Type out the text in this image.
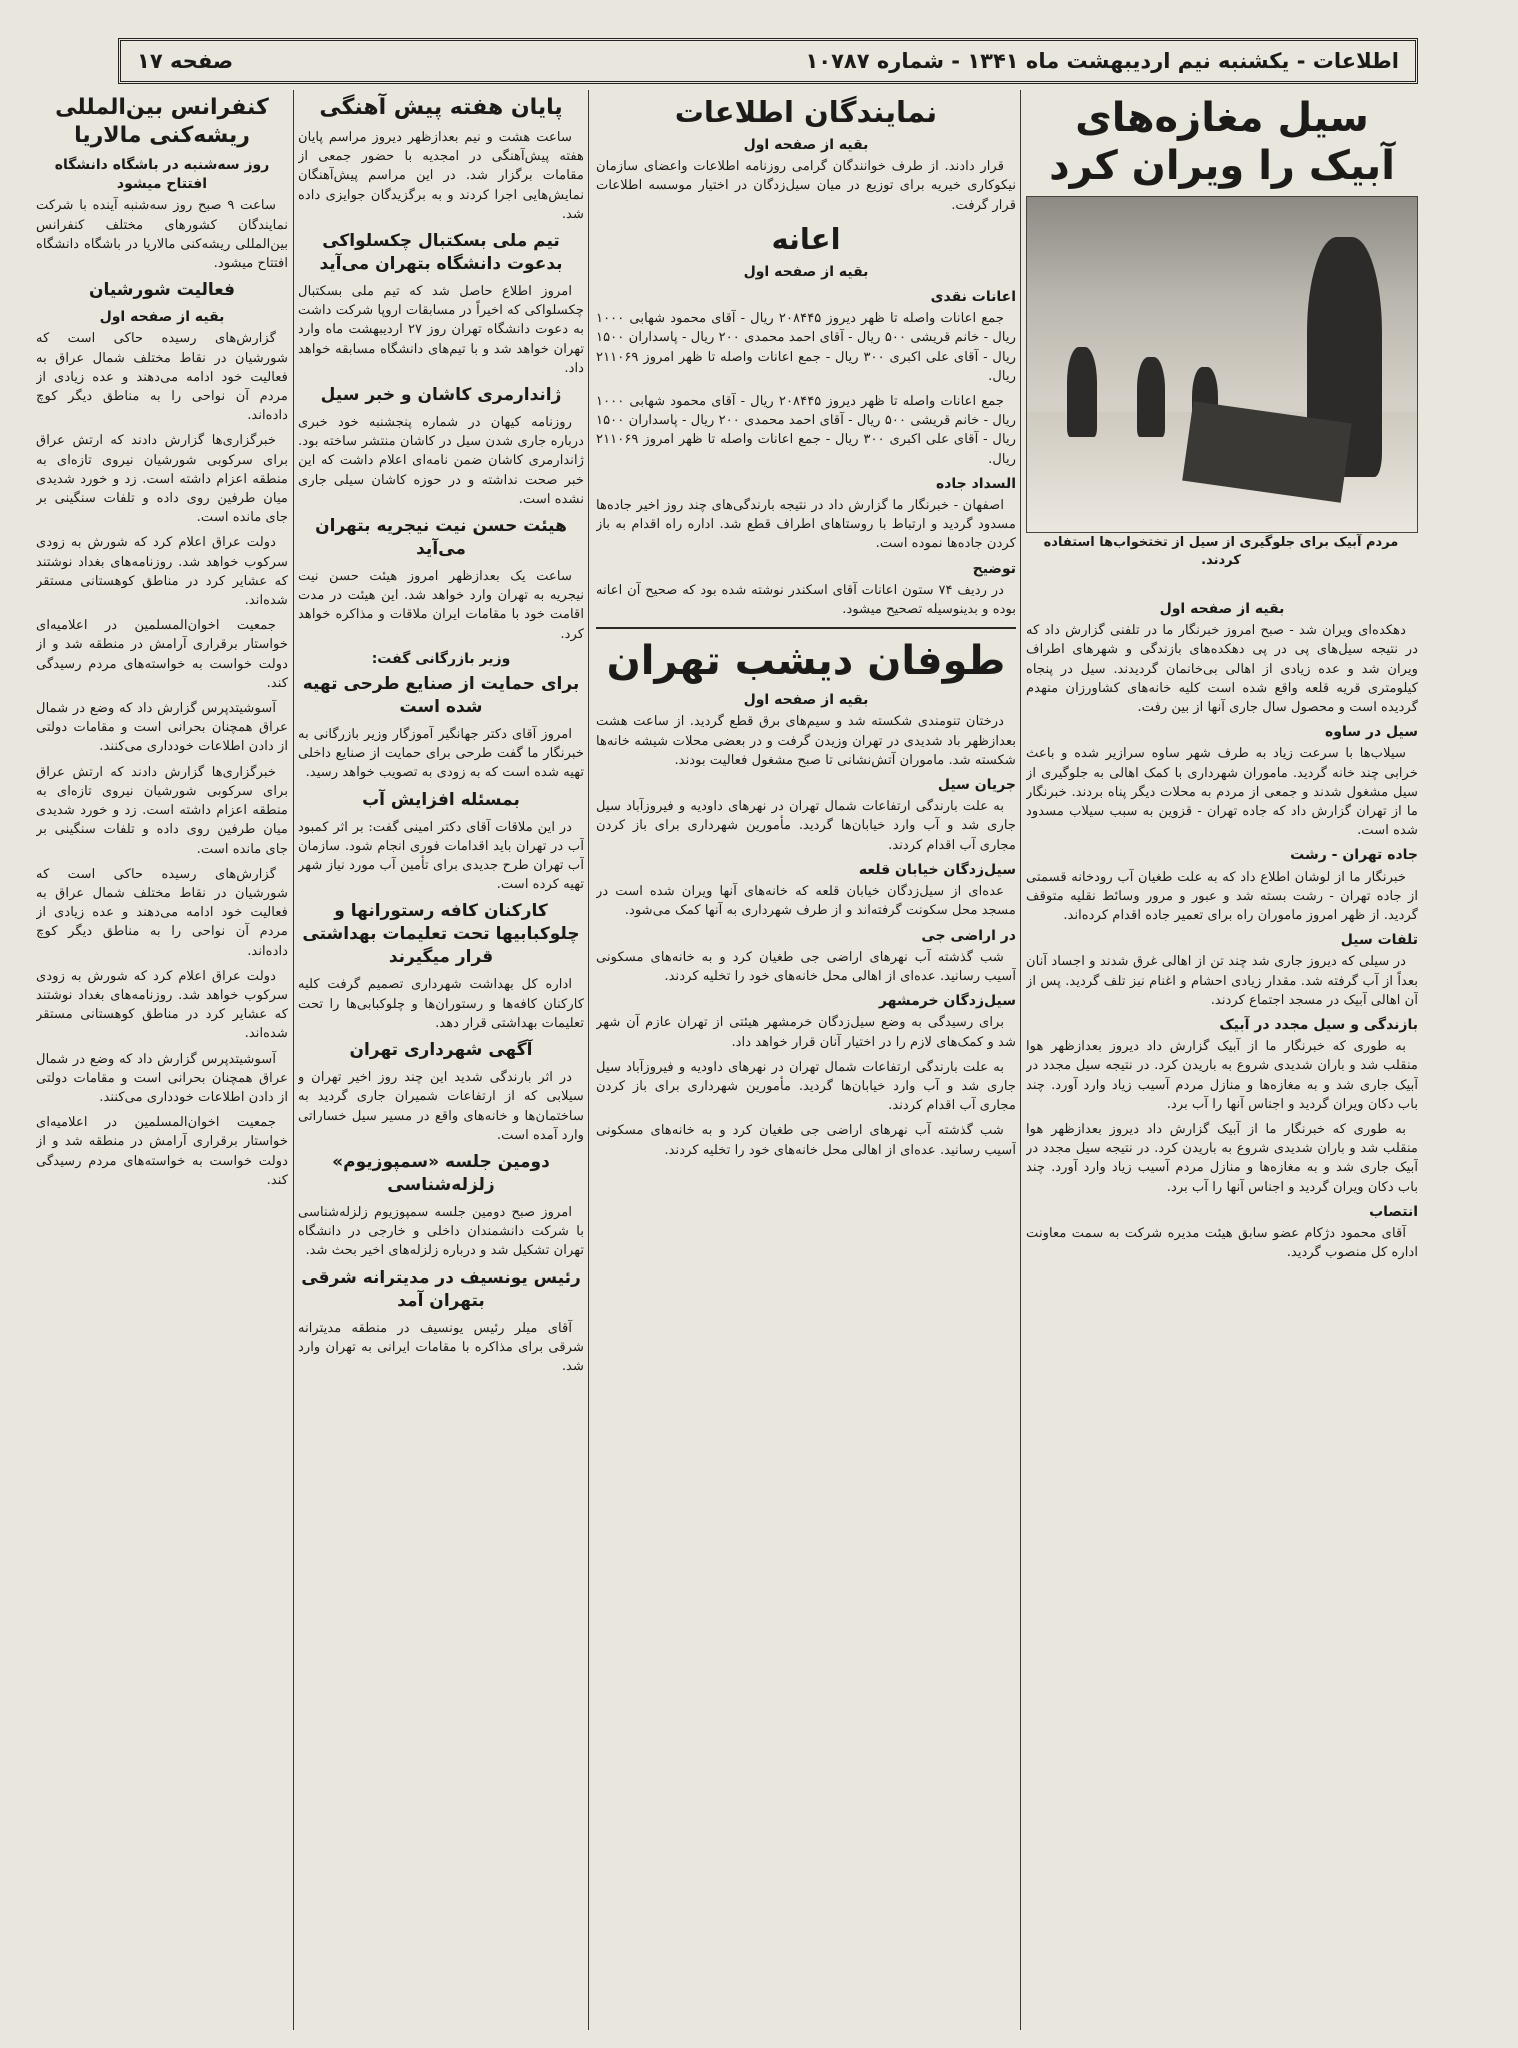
اطلاعات - یکشنبه نیم اردیبهشت ماه ۱۳۴۱ - شماره ۱۰۷۸۷
صفحه ۱۷
سیل مغازه‌های آبیک را ویران کرد
بقیه از صفحه اول

دهکده‌ای ویران شد - صبح امروز خبرنگار ما در تلفنی گزارش داد که در نتیجه سیل‌های پی در پی دهکده‌های بازندگی و شهرهای اطراف ویران شد و عده زیادی از اهالی بی‌خانمان گردیدند. سیل در پنجاه کیلومتری قریه قلعه واقع شده است کلیه خانه‌های کشاورزان منهدم گردیده است و محصول سال جاری آنها از بین رفت.

سیل در ساوه

سیلاب‌ها با سرعت زیاد به طرف شهر ساوه سرازیر شده و باعث خرابی چند خانه گردید. ماموران شهرداری با کمک اهالی به جلوگیری از سیل مشغول شدند و جمعی از مردم به محلات دیگر پناه بردند. خبرنگار ما از تهران گزارش داد که جاده تهران - قزوین به سبب سیلاب مسدود شده است.

جاده تهران - رشت

خبرنگار ما از لوشان اطلاع داد که به علت طغیان آب رودخانه قسمتی از جاده تهران - رشت بسته شد و عبور و مرور وسائط نقلیه متوقف گردید. از ظهر امروز ماموران راه برای تعمیر جاده اقدام کرده‌اند.

تلفات سیل

در سیلی که دیروز جاری شد چند تن از اهالی غرق شدند و اجساد آنان بعداً از آب گرفته شد. مقدار زیادی احشام و اغنام نیز تلف گردید. پس از آن اهالی آبیک در مسجد اجتماع کردند.

بازندگی و سیل مجدد در آبیک

به طوری که خبرنگار ما از آبیک گزارش داد دیروز بعدازظهر هوا منقلب شد و باران شدیدی شروع به باریدن کرد. در نتیجه سیل مجدد در آبیک جاری شد و به مغازه‌ها و منازل مردم آسیب زیاد وارد آورد. چند باب دکان ویران گردید و اجناس آنها را آب برد.

به طوری که خبرنگار ما از آبیک گزارش داد دیروز بعدازظهر هوا منقلب شد و باران شدیدی شروع به باریدن کرد. در نتیجه سیل مجدد در آبیک جاری شد و به مغازه‌ها و منازل مردم آسیب زیاد وارد آورد. چند باب دکان ویران گردید و اجناس آنها را آب برد.

انتصاب

آقای محمود دژکام عضو سابق هیئت مدیره شرکت به سمت معاونت اداره کل منصوب گردید.

مردم آبیک برای جلوگیری از سیل از تختخواب‌ها استفاده کردند.
نمایندگان اطلاعات
بقیه از صفحه اول

قرار دادند. از طرف خوانندگان گرامی روزنامه اطلاعات واعضای سازمان نیکوکاری خیریه برای توزیع در میان سیل‌زدگان در اختیار موسسه اطلاعات قرار گرفت.

اعانه
بقیه از صفحه اول
اعانات نقدی

جمع اعانات واصله تا ظهر دیروز ۲۰۸۴۴۵ ریال - آقای محمود شهابی ۱۰۰۰ ریال - خانم قریشی ۵۰۰ ریال - آقای احمد محمدی ۲۰۰ ریال - پاسداران ۱۵۰۰ ریال - آقای علی اکبری ۳۰۰ ریال - جمع اعانات واصله تا ظهر امروز ۲۱۱۰۶۹ ریال.

جمع اعانات واصله تا ظهر دیروز ۲۰۸۴۴۵ ریال - آقای محمود شهابی ۱۰۰۰ ریال - خانم قریشی ۵۰۰ ریال - آقای احمد محمدی ۲۰۰ ریال - پاسداران ۱۵۰۰ ریال - آقای علی اکبری ۳۰۰ ریال - جمع اعانات واصله تا ظهر امروز ۲۱۱۰۶۹ ریال.

السداد جاده

اصفهان - خبرنگار ما گزارش داد در نتیجه بارندگی‌های چند روز اخیر جاده‌ها مسدود گردید و ارتباط با روستاهای اطراف قطع شد. اداره راه اقدام به باز کردن جاده‌ها نموده است.

توضیح

در ردیف ۷۴ ستون اعانات آقای اسکندر نوشته شده بود که صحیح آن اعانه بوده و بدینوسیله تصحیح میشود.

طوفان دیشب تهران
بقیه از صفحه اول

درختان تنومندی شکسته شد و سیم‌های برق قطع گردید. از ساعت هشت بعدازظهر باد شدیدی در تهران وزیدن گرفت و در بعضی محلات شیشه خانه‌ها شکسته شد. ماموران آتش‌نشانی تا صبح مشغول فعالیت بودند.

جریان سیل

به علت بارندگی ارتفاعات شمال تهران در نهرهای داودیه و فیروزآباد سیل جاری شد و آب وارد خیابان‌ها گردید. مأمورین شهرداری برای باز کردن مجاری آب اقدام کردند.

سیل‌زدگان خیابان قلعه

عده‌ای از سیل‌زدگان خیابان قلعه که خانه‌های آنها ویران شده است در مسجد محل سکونت گرفته‌اند و از طرف شهرداری به آنها کمک می‌شود.

در اراضی جی

شب گذشته آب نهرهای اراضی جی طغیان کرد و به خانه‌های مسکونی آسیب رسانید. عده‌ای از اهالی محل خانه‌های خود را تخلیه کردند.

سیل‌زدگان خرمشهر

برای رسیدگی به وضع سیل‌زدگان خرمشهر هیئتی از تهران عازم آن شهر شد و کمک‌های لازم را در اختیار آنان قرار خواهد داد.

به علت بارندگی ارتفاعات شمال تهران در نهرهای داودیه و فیروزآباد سیل جاری شد و آب وارد خیابان‌ها گردید. مأمورین شهرداری برای باز کردن مجاری آب اقدام کردند.

شب گذشته آب نهرهای اراضی جی طغیان کرد و به خانه‌های مسکونی آسیب رسانید. عده‌ای از اهالی محل خانه‌های خود را تخلیه کردند.

پایان هفته پیش آهنگی

ساعت هشت و نیم بعدازظهر دیروز مراسم پایان هفته پیش‌آهنگی در امجدیه با حضور جمعی از مقامات برگزار شد. در این مراسم پیش‌آهنگان نمایش‌هایی اجرا کردند و به برگزیدگان جوایزی داده شد.

تیم ملی بسکتبال چکسلواکی بدعوت دانشگاه بتهران می‌آید

امروز اطلاع حاصل شد که تیم ملی بسکتبال چکسلواکی که اخیراً در مسابقات اروپا شرکت داشت به دعوت دانشگاه تهران روز ۲۷ اردیبهشت ماه وارد تهران خواهد شد و با تیم‌های دانشگاه مسابقه خواهد داد.

ژاندارمری کاشان و خبر سیل

روزنامه کیهان در شماره پنجشنبه خود خبری درباره جاری شدن سیل در کاشان منتشر ساخته بود. ژاندارمری کاشان ضمن نامه‌ای اعلام داشت که این خبر صحت نداشته و در حوزه کاشان سیلی جاری نشده است.

هیئت حسن نیت نیجریه بتهران می‌آید

ساعت یک بعدازظهر امروز هیئت حسن نیت نیجریه به تهران وارد خواهد شد. این هیئت در مدت اقامت خود با مقامات ایران ملاقات و مذاکره خواهد کرد.

وزیر بازرگانی گفت:
برای حمایت از صنایع طرحی تهیه شده است

امروز آقای دکتر جهانگیر آموزگار وزیر بازرگانی به خبرنگار ما گفت طرحی برای حمایت از صنایع داخلی تهیه شده است که به زودی به تصویب خواهد رسید.

بمسئله افزایش آب

در این ملاقات آقای دکتر امینی گفت: بر اثر کمبود آب در تهران باید اقدامات فوری انجام شود. سازمان آب تهران طرح جدیدی برای تأمین آب مورد نیاز شهر تهیه کرده است.

کارکنان کافه رستورانها و چلوکبابیها تحت تعلیمات بهداشتی قرار میگیرند

اداره کل بهداشت شهرداری تصمیم گرفت کلیه کارکنان کافه‌ها و رستوران‌ها و چلوکبابی‌ها را تحت تعلیمات بهداشتی قرار دهد.

آگهی شهرداری تهران

در اثر بارندگی شدید این چند روز اخیر تهران و سیلابی که از ارتفاعات شمیران جاری گردید به ساختمان‌ها و خانه‌های واقع در مسیر سیل خساراتی وارد آمده است.

دومین جلسه «سمپوزیوم» زلزله‌شناسی

امروز صبح دومین جلسه سمپوزیوم زلزله‌شناسی با شرکت دانشمندان داخلی و خارجی در دانشگاه تهران تشکیل شد و درباره زلزله‌های اخیر بحث شد.

رئیس یونسیف در مدیترانه شرقی بتهران آمد

آقای میلر رئیس یونسیف در منطقه مدیترانه شرقی برای مذاکره با مقامات ایرانی به تهران وارد شد.

کنفرانس بین‌المللی ریشه‌کنی مالاریا
روز سه‌شنبه در باشگاه دانشگاه افتتاح میشود

ساعت ۹ صبح روز سه‌شنبه آینده با شرکت نمایندگان کشورهای مختلف کنفرانس بین‌المللی ریشه‌کنی مالاریا در باشگاه دانشگاه افتتاح میشود.

فعالیت شورشیان
بقیه از صفحه اول

گزارش‌های رسیده حاکی است که شورشیان در نقاط مختلف شمال عراق به فعالیت خود ادامه می‌دهند و عده زیادی از مردم آن نواحی را به مناطق دیگر کوچ داده‌اند.

خبرگزاری‌ها گزارش دادند که ارتش عراق برای سرکوبی شورشیان نیروی تازه‌ای به منطقه اعزام داشته است. زد و خورد شدیدی میان طرفین روی داده و تلفات سنگینی بر جای مانده است.

دولت عراق اعلام کرد که شورش به زودی سرکوب خواهد شد. روزنامه‌های بغداد نوشتند که عشایر کرد در مناطق کوهستانی مستقر شده‌اند.

جمعیت اخوان‌المسلمین در اعلامیه‌ای خواستار برقراری آرامش در منطقه شد و از دولت خواست به خواسته‌های مردم رسیدگی کند.

آسوشیتدپرس گزارش داد که وضع در شمال عراق همچنان بحرانی است و مقامات دولتی از دادن اطلاعات خودداری می‌کنند.

خبرگزاری‌ها گزارش دادند که ارتش عراق برای سرکوبی شورشیان نیروی تازه‌ای به منطقه اعزام داشته است. زد و خورد شدیدی میان طرفین روی داده و تلفات سنگینی بر جای مانده است.

گزارش‌های رسیده حاکی است که شورشیان در نقاط مختلف شمال عراق به فعالیت خود ادامه می‌دهند و عده زیادی از مردم آن نواحی را به مناطق دیگر کوچ داده‌اند.

دولت عراق اعلام کرد که شورش به زودی سرکوب خواهد شد. روزنامه‌های بغداد نوشتند که عشایر کرد در مناطق کوهستانی مستقر شده‌اند.

آسوشیتدپرس گزارش داد که وضع در شمال عراق همچنان بحرانی است و مقامات دولتی از دادن اطلاعات خودداری می‌کنند.

جمعیت اخوان‌المسلمین در اعلامیه‌ای خواستار برقراری آرامش در منطقه شد و از دولت خواست به خواسته‌های مردم رسیدگی کند.
